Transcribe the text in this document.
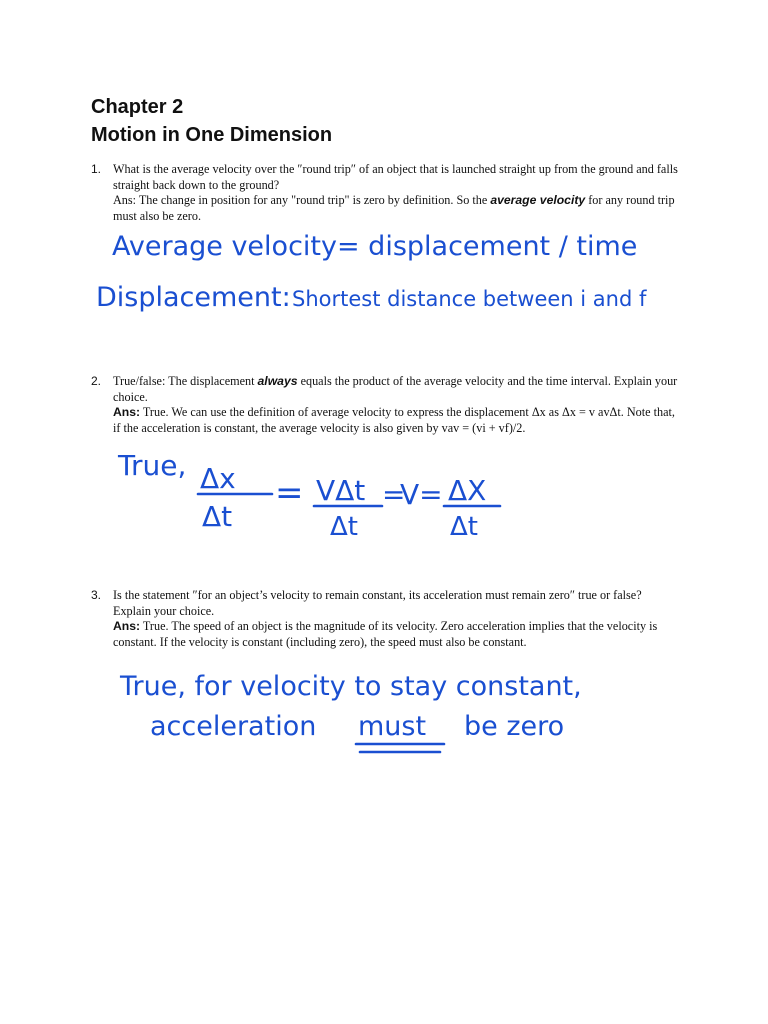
Chapter 2
Motion in One Dimension
1. What is the average velocity over the ″round trip″ of an object that is launched straight up from the ground and falls straight back down to the ground?
Ans: The change in position for any "round trip" is zero by definition. So the average velocity for any round trip must also be zero.
2. True/false: The displacement always equals the product of the average velocity and the time interval. Explain your choice.
Ans: True. We can use the definition of average velocity to express the displacement Δx as Δx = v avΔt. Note that, if the acceleration is constant, the average velocity is also given by vav = (vi + vf)/2.
3. Is the statement ″for an object’s velocity to remain constant, its acceleration must remain zero″ true or false? Explain your choice.
Ans: True. The speed of an object is the magnitude of its velocity. Zero acceleration implies that the velocity is constant. If the velocity is constant (including zero), the speed must also be constant.
Average velocity= displacement / time
Displacement: Shortest distance between i and f
True, Δx
Δt
= VΔt
Δt
=
V= ΔX
Δt
True, for velocity to stay constant,
acceleration must be zero
